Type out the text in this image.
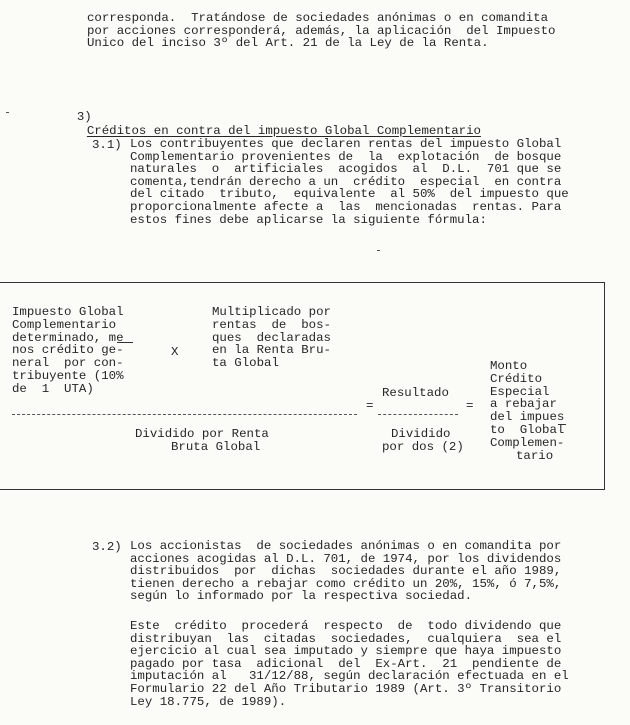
corresponda.  Tratándose de sociedades anónimas o en comandita
por acciones corresponderá, además, la aplicación  del Impuesto
Unico del inciso 3º del Art. 21 de la Ley de la Renta.

3)
Créditos en contra del impuesto Global Complementario

3.1) Los contribuyentes que declaren rentas del impuesto Global
Complementario provenientes de  la  explotación  de bosque
naturales  o  artificiales  acogidos  al  D.L.  701 que se
comenta,tendrán derecho a un  crédito  especial  en contra
del citado  tributo,  equivalente  al 50%  del impuesto que
proporcionalmente afecte a  las  mencionadas  rentas. Para
estos fines debe aplicarse la siguiente fórmula:
Impuesto Global
Complementario
determinado, me
nos crédito ge-
neral  por con-
tribuyente (10%
de  1  UTA)
X
Multiplicado por
rentas  de  bos-
ques  declaradas
en la Renta Bru-
ta Global
=
Resultado
=
Dividido por Renta
Bruta Global
Dividido
por dos (2)
Monto
Crédito
Especial
a rebajar
del impues
to  Global
Complemen-
tario
3.2) Los accionistas  de sociedades anónimas o en comandita por
acciones acogidas al D.L. 701, de 1974, por los dividendos
distribuidos  por  dichas  sociedades durante el año 1989,
tienen derecho a rebajar como crédito un 20%, 15%, ó 7,5%,
según lo informado por la respectiva sociedad.
Este  crédito  procederá  respecto  de  todo dividendo que
distribuyan  las  citadas  sociedades,  cualquiera  sea el
ejercicio al cual sea imputado y siempre que haya impuesto
pagado por tasa  adicional  del  Ex-Art.  21  pendiente de
imputación al   31/12/88, según declaración efectuada en el
Formulario 22 del Año Tributario 1989 (Art. 3º Transitorio
Ley 18.775, de 1989).
